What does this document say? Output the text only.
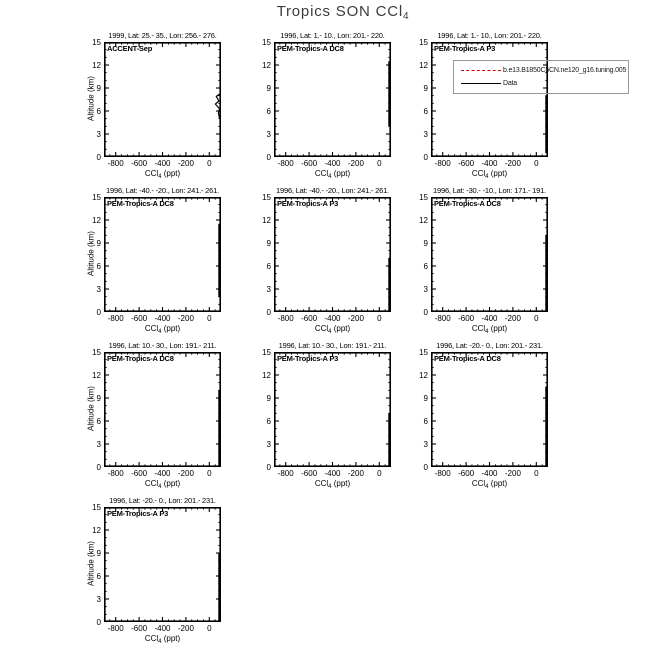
Tropics SON CCl$_4$
b.e13.B1850C5CN.ne120_g16.tuning.005
Data
1999, Lat: 25.- 35., Lon: 256.- 276.
ACCENT-Sep
0
3
6
9
12
15
-800 -600 -400 -200	0
CCl$_4$ (ppt)
Altitude (km)
1996, Lat: 1.- 10., Lon: 201.- 220.
PEM-Tropics-A DC8
0
3
6
9
12
15
-800 -600 -400 -200	0
CCl$_4$ (ppt)
1996, Lat: 1.- 10., Lon: 201.- 220.
PEM-Tropics-A P3
0
3
6
9
12
15
-800 -600 -400 -200	0
CCl$_4$ (ppt)
1996, Lat: -40.- -20., Lon: 241.- 261.
PEM-Tropics-A DC8
0
3
6
9
12
15
-800 -600 -400 -200	0
CCl$_4$ (ppt)
Altitude (km)
1996, Lat: -40.- -20., Lon: 241.- 261.
PEM-Tropics-A P3
0
3
6
9
12
15
-800 -600 -400 -200	0
CCl$_4$ (ppt)
1996, Lat: -30.- -10., Lon: 171.- 191.
PEM-Tropics-A DC8
0
3
6
9
12
15
-800 -600 -400 -200	0
CCl$_4$ (ppt)
1996, Lat: 10.- 30., Lon: 191.- 211.
PEM-Tropics-A DC8
0
3
6
9
12
15
-800 -600 -400 -200	0
CCl$_4$ (ppt)
Altitude (km)
1996, Lat: 10.- 30., Lon: 191.- 211.
PEM-Tropics-A P3
0
3
6
9
12
15
-800 -600 -400 -200	0
CCl$_4$ (ppt)
1996, Lat: -20.- 0., Lon: 201.- 231.
PEM-Tropics-A DC8
0
3
6
9
12
15
-800 -600 -400 -200	0
CCl$_4$ (ppt)
1996, Lat: -20.- 0., Lon: 201.- 231.
PEM-Tropics-A P3
0
3
6
9
12
15
-800 -600 -400 -200	0
CCl$_4$ (ppt)
Altitude (km)
